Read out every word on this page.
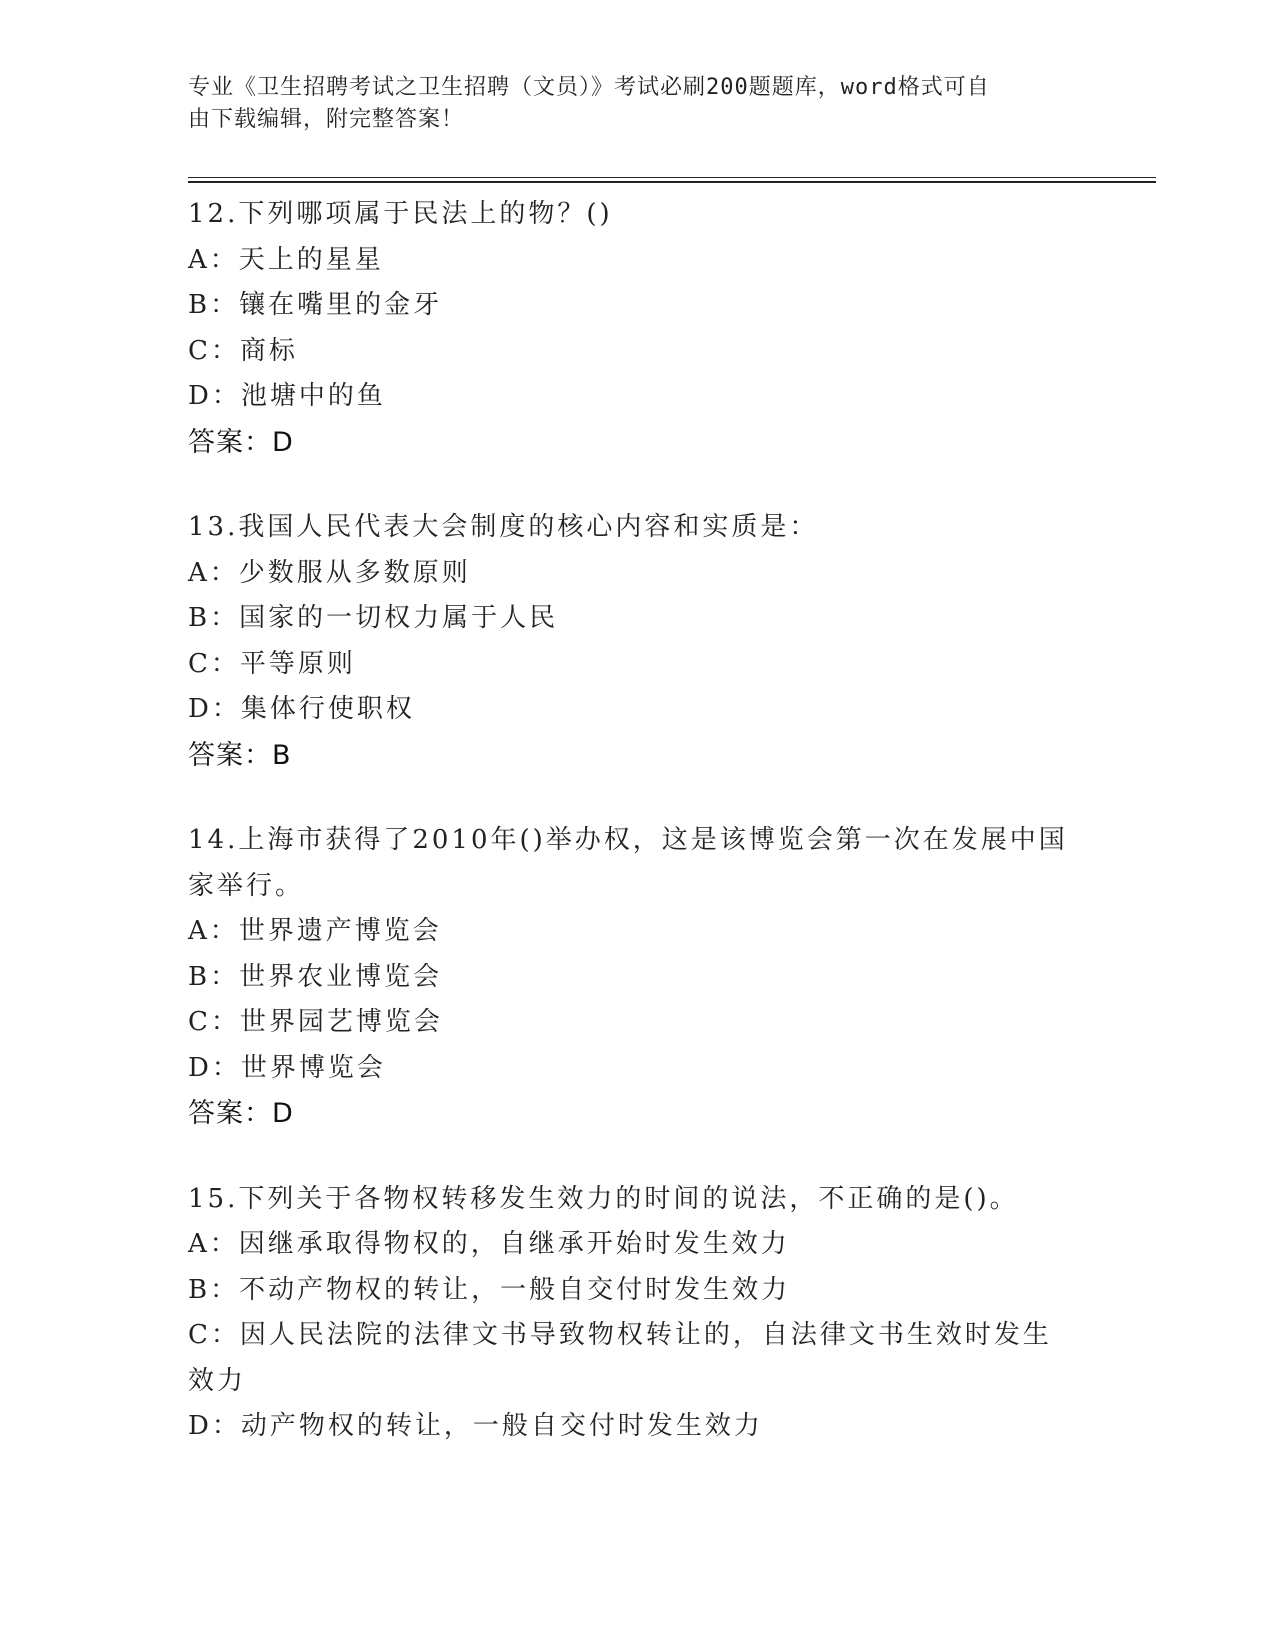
专业《卫生招聘考试之卫生招聘（文员）》考试必刷200题题库，word格式可自
由下载编辑，附完整答案！
12.下列哪项属于民法上的物？()
A：天上的星星
B：镶在嘴里的金牙
C：商标
D：池塘中的鱼
答案：D
13.我国人民代表大会制度的核心内容和实质是：
A：少数服从多数原则
B：国家的一切权力属于人民
C：平等原则
D：集体行使职权
答案：B
14.上海市获得了2010年()举办权，这是该博览会第一次在发展中国家举行。
A：世界遗产博览会
B：世界农业博览会
C：世界园艺博览会
D：世界博览会
答案：D
15.下列关于各物权转移发生效力的时间的说法，不正确的是()。
A：因继承取得物权的，自继承开始时发生效力
B：不动产物权的转让，一般自交付时发生效力
C：因人民法院的法律文书导致物权转让的，自法律文书生效时发生效力
D：动产物权的转让，一般自交付时发生效力
